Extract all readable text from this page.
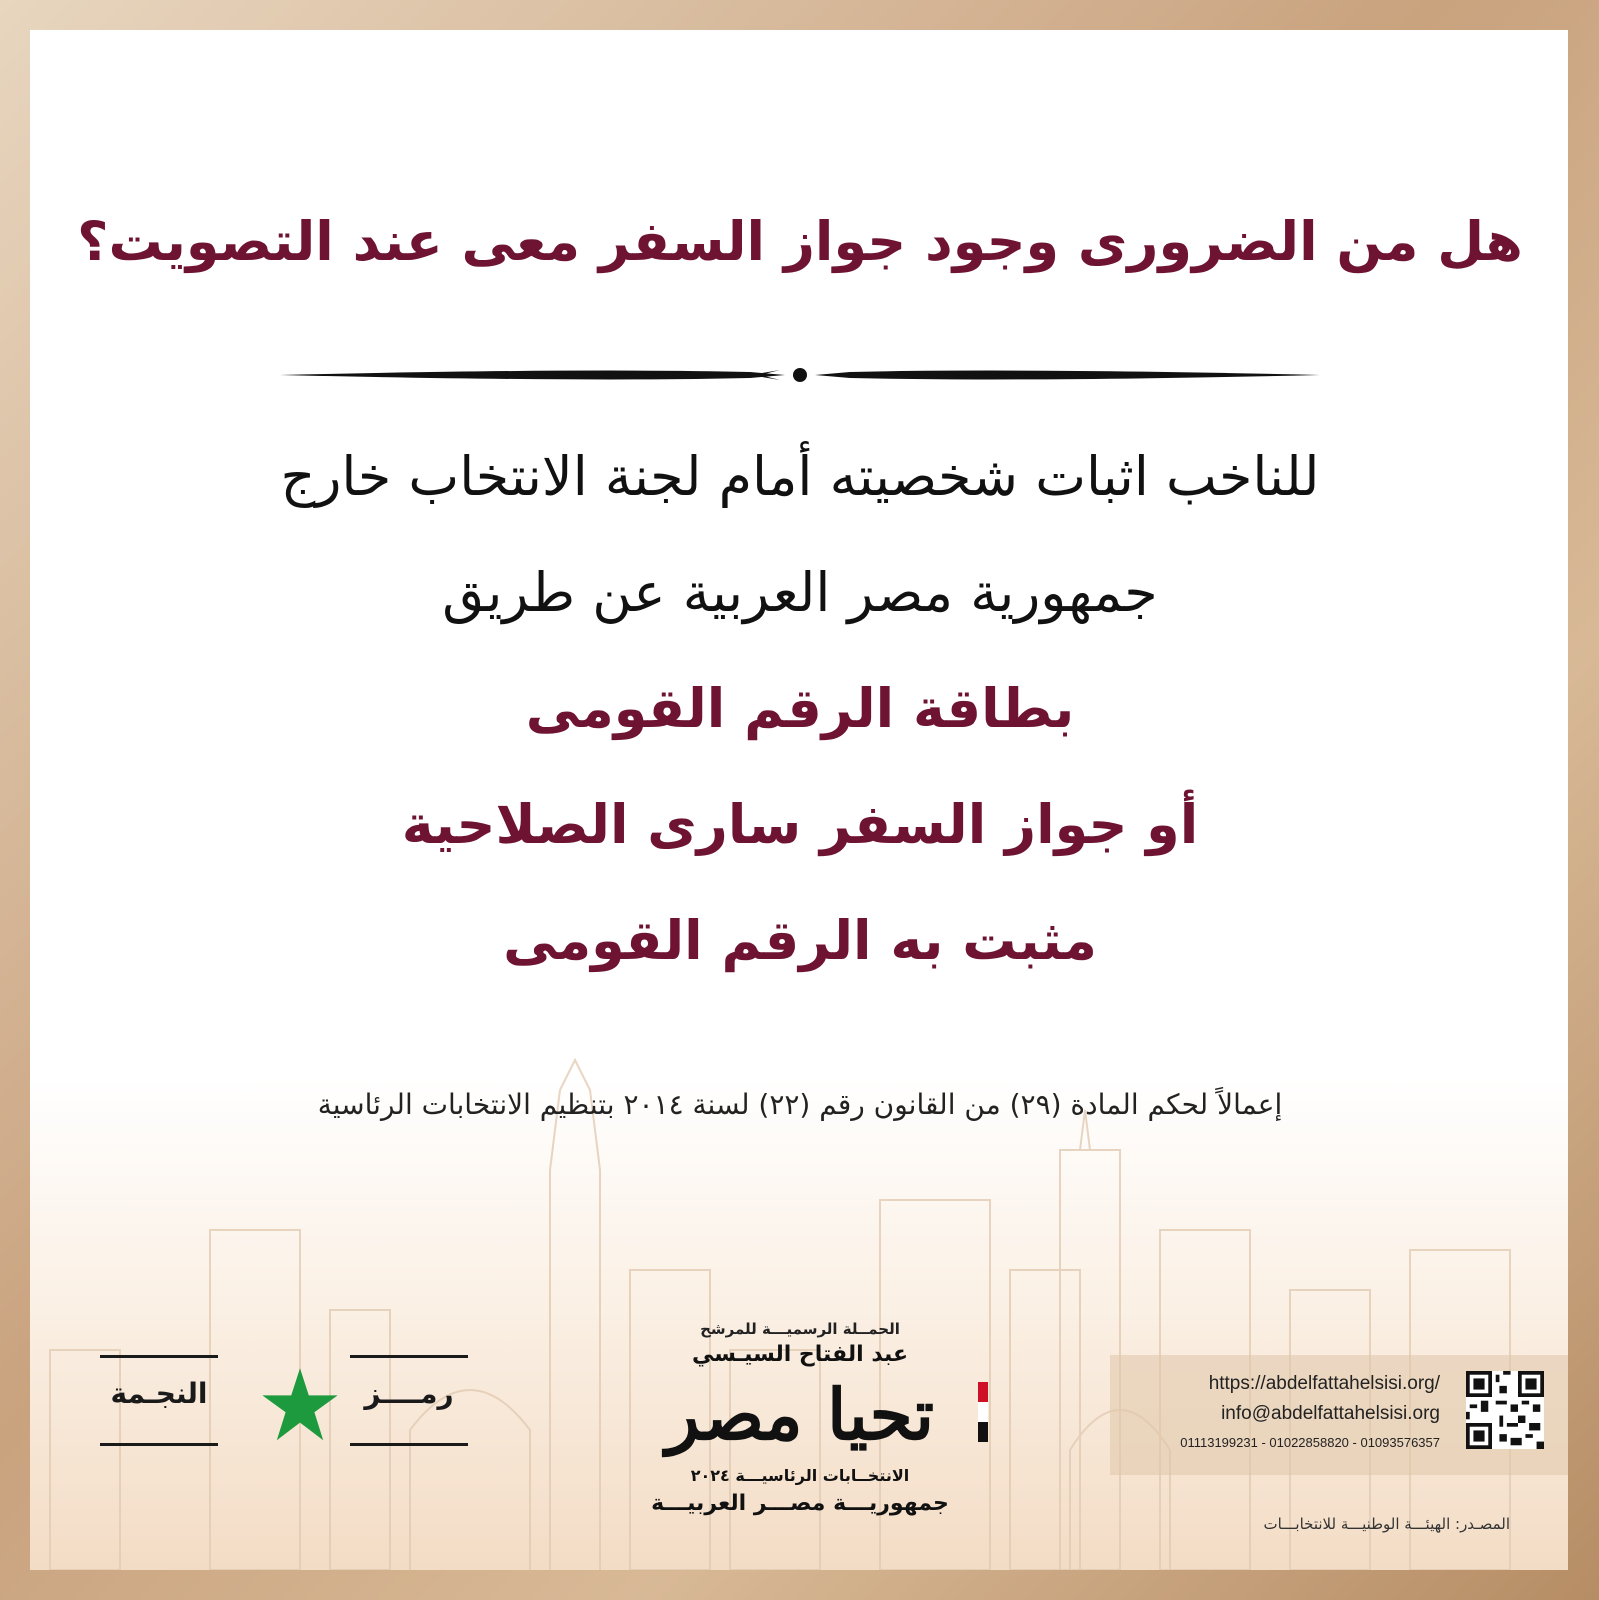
هل من الضرورى وجود جواز السفر معى عند التصويت؟
للناخب اثبات شخصيته أمام لجنة الانتخاب خارج
جمهورية مصر العربية عن طريق
بطاقة الرقم القومى
أو جواز السفر سارى الصلاحية
مثبت به الرقم القومى
إعمالاً لحكم المادة (٢٩) من القانون رقم (٢٢) لسنة ٢٠١٤ بتنظيم الانتخابات الرئاسية
النجـمة	رمــــز
الحمــلة الرسميـــة للمرشح
عبد الفتاح السيـسي
تحيا مصر
الانتخــابات الرئاسيـــة ٢٠٢٤
جمهوريـــة مصـــر العربيـــة
https://abdelfattahelsisi.org/
info@abdelfattahelsisi.org
01113199231 - 01022858820 - 01093576357
المصـدر: الهيئـــة الوطنيـــة للانتخابـــات
